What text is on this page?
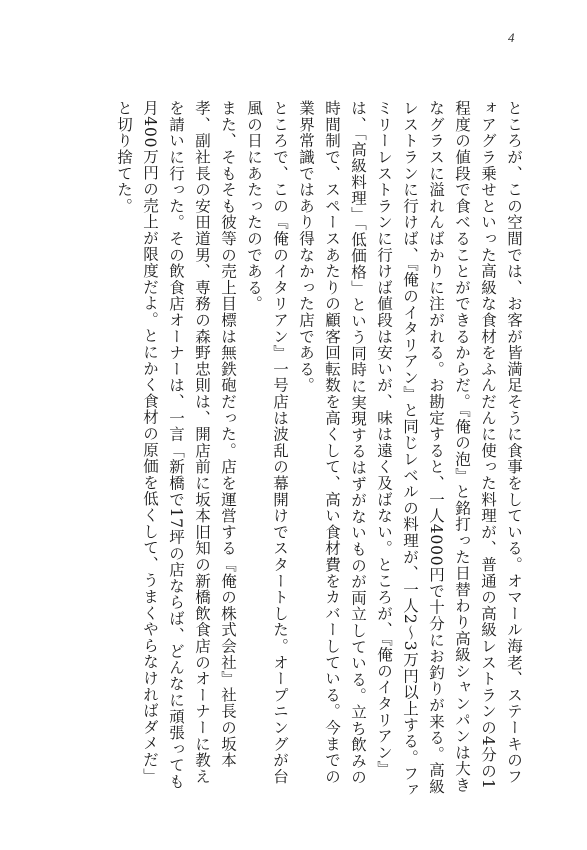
4

ところが、この空間では、お客が皆満足そうに食事をしている。オマール海老、ステーキのフォアグラ乗せといった高級な食材をふんだんに使った料理が、普通の高級レストランの4分の1程度の値段で食べることができるからだ。『俺の泡』と銘打った日替わり高級シャンパンは大きなグラスに溢れんばかりに注がれる。お勘定すると、一人4000円で十分にお釣りが来る。高級レストランに行けば、『俺のイタリアン』と同じレベルの料理が、一人2～3万円以上する。ファミリーレストランに行けば値段は安いが、味は遠く及ばない。ところが、『俺のイタリアン』は、「高級料理」「低価格」という同時に実現するはずがないものが両立している。立ち飲みの時間制で、スペースあたりの顧客回転数を高くして、高い食材費をカバーしている。今までの業界常識ではあり得なかった店である。

ところで、この『俺のイタリアン』一号店は波乱の幕開けでスタートした。オープニングが台風の日にあたったのである。

また、そもそも彼等の売上目標は無鉄砲だった。店を運営する『俺の株式会社』社長の坂本孝、副社長の安田道男、専務の森野忠則は、開店前に坂本旧知の新橋飲食店のオーナーに教えを請いに行った。その飲食店オーナーは、一言「新橋で17坪の店ならば、どんなに頑張っても月400万円の売上が限度だよ。とにかく食材の原価を低くして、うまくやらなければダメだ」と切り捨てた。
